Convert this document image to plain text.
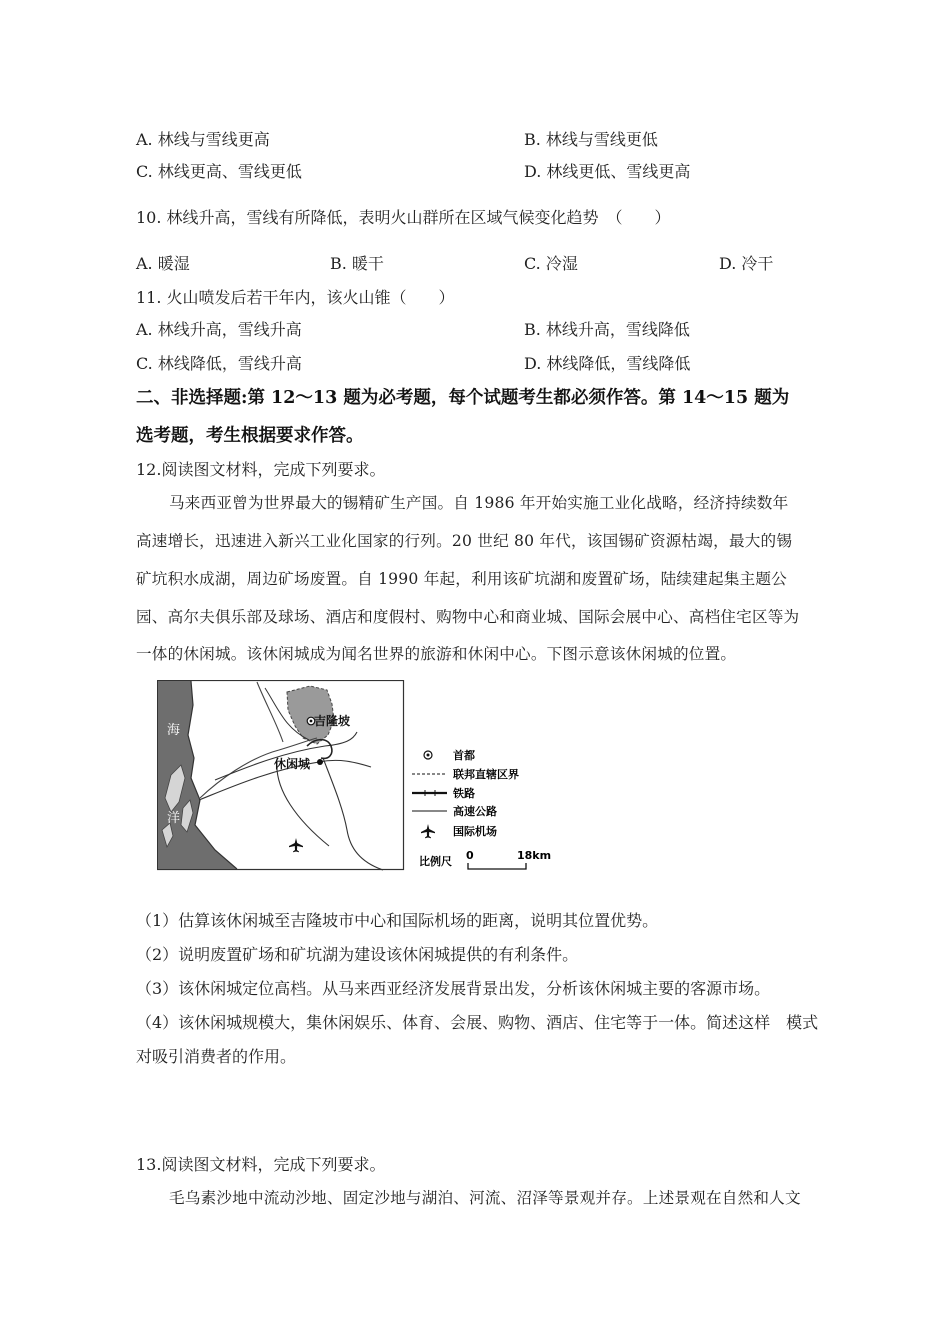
A. 林线与雪线更高	B. 林线与雪线更低
C. 林线更高、雪线更低	D. 林线更低、雪线更高
10. 林线升高，雪线有所降低，表明火山群所在区域气候变化趋势　（　　）
A. 暖湿	B. 暖干	C. 冷湿	D. 冷干
11. 火山喷发后若干年内，该火山锥（　　）
A. 林线升高，雪线升高	B. 林线升高，雪线降低
C. 林线降低，雪线升高	D. 林线降低，雪线降低
二、非选择题:第 12～13 题为必考题，每个试题考生都必须作答。第 14～15 题为
选考题，考生根据要求作答。
12.阅读图文材料，完成下列要求。
马来西亚曾为世界最大的锡精矿生产国。自 1986 年开始实施工业化战略，经济持续数年
高速增长，迅速进入新兴工业化国家的行列。20 世纪 80 年代，该国锡矿资源枯竭，最大的锡
矿坑积水成湖，周边矿场废置。自 1990 年起，利用该矿坑湖和废置矿场，陆续建起集主题公
园、高尔夫俱乐部及球场、酒店和度假村、购物中心和商业城、国际会展中心、高档住宅区等为
一体的休闲城。该休闲城成为闻名世界的旅游和休闲中心。下图示意该休闲城的位置。
吉隆坡
休闲城
海
洋
首都
联邦直辖区界
铁路
高速公路
国际机场
比例尺 0	18km
（1）估算该休闲城至吉隆坡市中心和国际机场的距离，说明其位置优势。
（2）说明废置矿场和矿坑湖为建设该休闲城提供的有利条件。
（3）该休闲城定位高档。从马来西亚经济发展背景出发，分析该休闲城主要的客源市场。
（4）该休闲城规模大，集休闲娱乐、体育、会展、购物、酒店、住宅等于一体。简述这样　模式
对吸引消费者的作用。
13.阅读图文材料，完成下列要求。
毛乌素沙地中流动沙地、固定沙地与湖泊、河流、沼泽等景观并存。上述景观在自然和人文
